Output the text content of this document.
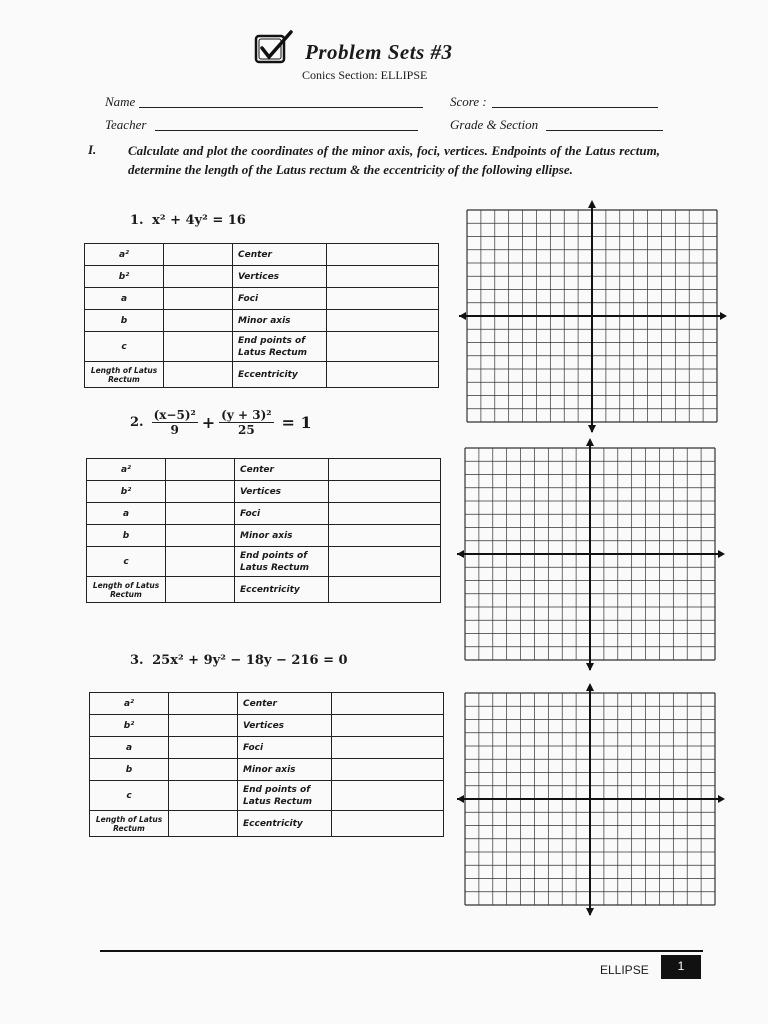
Problem Sets #3
Conics Section: ELLIPSE
Name	Score :
Teacher	Grade & Section
I. Calculate and plot the coordinates of the minor axis, foci, vertices. Endpoints of the Latus rectum, determine the length of the Latus rectum & the eccentricity of the following ellipse.
1. x² + 4y² = 16
2. $\frac{\text{(x−5)²}}{9} + \frac{\text{(y + 3)²}}{25} = 1$
3. 25x² + 9y² − 18y − 216 = 0
a²		Center	
b²		Vertices	
a		Foci	
b		Minor axis	
c		End points of Latus Rectum	
Length of Latus Rectum		Eccentricity	
a²		Center	
b²		Vertices	
a		Foci	
b		Minor axis	
c		End points of Latus Rectum	
Length of Latus Rectum		Eccentricity	
a²		Center	
b²		Vertices	
a		Foci	
b		Minor axis	
c		End points of Latus Rectum	
Length of Latus Rectum		Eccentricity	
ELLIPSE	1
